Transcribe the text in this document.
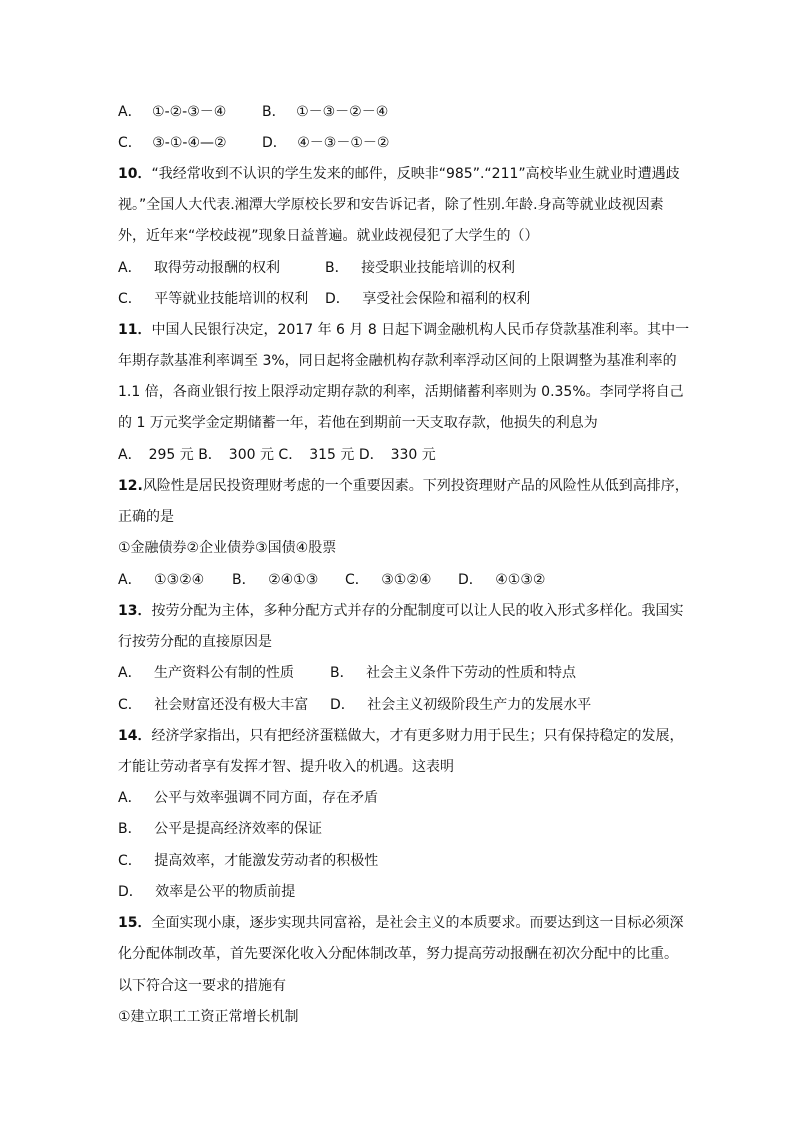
A． ①-②-③－④	B． ①－③－②－④
C． ③-①-④—②	D． ④－③－①－②
10．“我经常收到不认识的学生发来的邮件，反映非“985”.“211”高校毕业生就业时遭遇歧
视。”全国人大代表.湘潭大学原校长罗和安告诉记者，除了性别.年龄.身高等就业歧视因素
外，近年来“学校歧视”现象日益普遍。就业歧视侵犯了大学生的（）
A． 取得劳动报酬的权利	B． 接受职业技能培训的权利
C． 平等就业技能培训的权利 D． 享受社会保险和福利的权利
11．中国人民银行决定，2017 年 6 月 8 日起下调金融机构人民币存贷款基准利率。其中一
年期存款基准利率调至 3%，同日起将金融机构存款利率浮动区间的上限调整为基准利率的
1.1 倍，各商业银行按上限浮动定期存款的利率，活期储蓄利率则为 0.35%。李同学将自己
的 1 万元奖学金定期储蓄一年，若他在到期前一天支取存款，他损失的利息为
A．　295 元 B．　300 元 C．　315 元 D．　330 元
12.风险性是居民投资理财考虑的一个重要因素。下列投资理财产品的风险性从低到高排序，
正确的是
①金融债券②企业债券③国债④股票
A． ①③②④ B． ②④①③ C． ③①②④ D． ④①③②
13．按劳分配为主体，多种分配方式并存的分配制度可以让人民的收入形式多样化。我国实
行按劳分配的直接原因是
A． 生产资料公有制的性质	B． 社会主义条件下劳动的性质和特点
C． 社会财富还没有极大丰富 D． 社会主义初级阶段生产力的发展水平
14．经济学家指出，只有把经济蛋糕做大，才有更多财力用于民生；只有保持稳定的发展，
才能让劳动者享有发挥才智、提升收入的机遇。这表明
A． 公平与效率强调不同方面，存在矛盾
B． 公平是提高经济效率的保证
C． 提高效率，才能激发劳动者的积极性
D． 效率是公平的物质前提
15．全面实现小康，逐步实现共同富裕，是社会主义的本质要求。而要达到这一目标必须深
化分配体制改革，首先要深化收入分配体制改革，努力提高劳动报酬在初次分配中的比重。
以下符合这一要求的措施有
①建立职工工资正常增长机制
